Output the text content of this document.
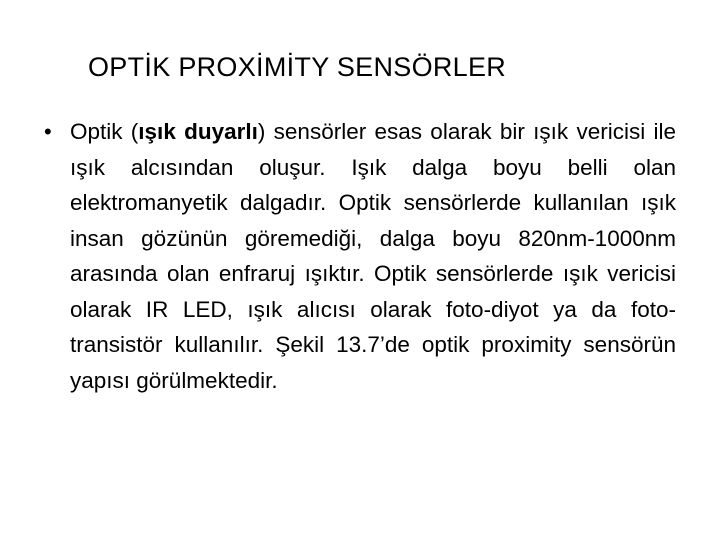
OPTİK PROXİMİTY SENSÖRLER
• Optik (ışık duyarlı) sensörler esas olarak bir ışık vericisi ile ışık alcısından oluşur. Işık dalga boyu belli olan elektromanyetik dalgadır. Optik sensörlerde kullanılan ışık insan gözünün göremediği, dalga boyu 820nm-1000nm arasında olan enfraruj ışıktır. Optik sensörlerde ışık vericisi olarak IR LED, ışık alıcısı olarak foto-diyot ya da foto-transistör kullanılır. Şekil 13.7’de optik proximity sensörün yapısı görülmektedir.
